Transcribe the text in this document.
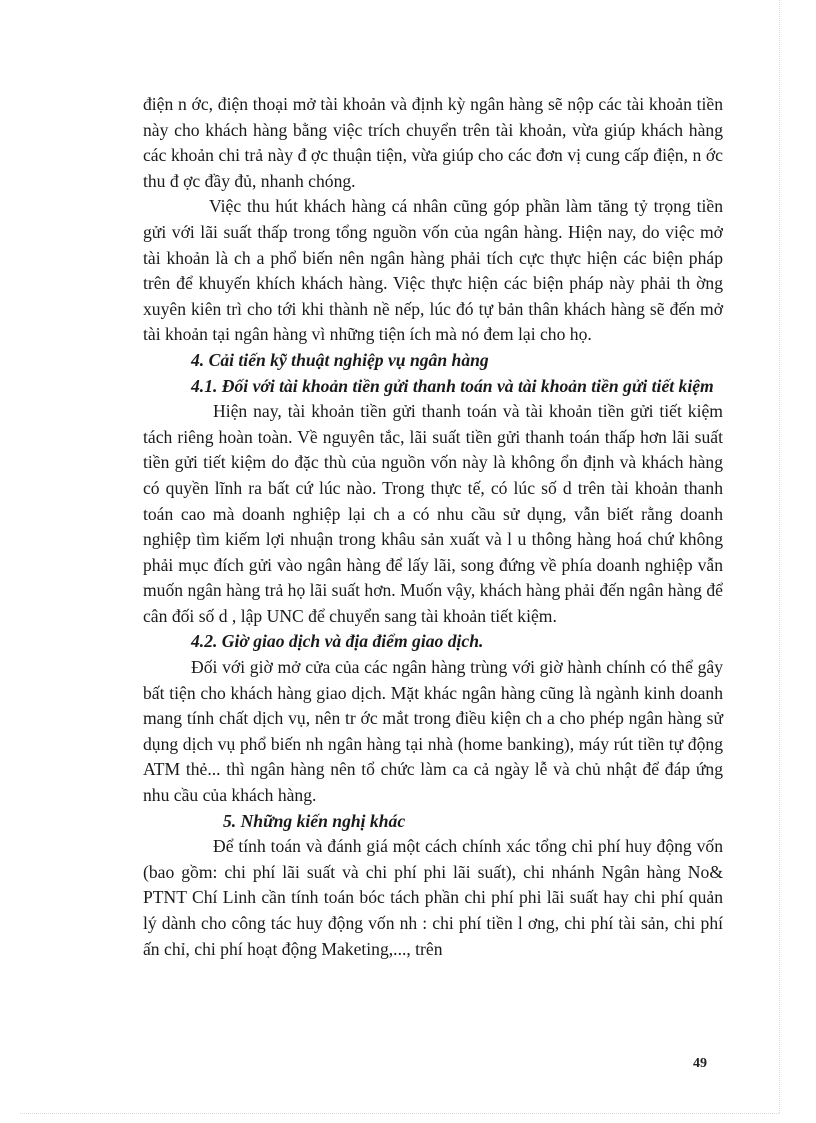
điện n ớc, điện thoại mở tài khoản và định kỳ ngân hàng sẽ nộp các tài khoản tiền này cho khách hàng bằng việc trích chuyển trên tài khoản, vừa giúp khách hàng các khoản chi trả này đ ợc thuận tiện, vừa giúp cho các đơn vị cung cấp điện, n ớc thu đ ợc đầy đủ, nhanh chóng.

Việc thu hút khách hàng cá nhân cũng góp phần làm tăng tỷ trọng tiền gửi với lãi suất thấp trong tổng nguồn vốn của ngân hàng. Hiện nay, do việc mở tài khoản là ch a phổ biến nên ngân hàng phải tích cực thực hiện các biện pháp trên để khuyến khích khách hàng. Việc thực hiện các biện pháp này phải th ờng xuyên kiên trì cho tới khi thành nề nếp, lúc đó tự bản thân khách hàng sẽ đến mở tài khoản tại ngân hàng vì những tiện ích mà nó đem lại cho họ.

4. Cải tiến kỹ thuật nghiệp vụ ngân hàng

4.1. Đối với tài khoản tiền gửi thanh toán và tài khoản tiền gửi tiết kiệm

Hiện nay, tài khoản tiền gửi thanh toán và tài khoản tiền gửi tiết kiệm tách riêng hoàn toàn. Về nguyên tắc, lãi suất tiền gửi thanh toán thấp hơn lãi suất tiền gửi tiết kiệm do đặc thù của nguồn vốn này là không ổn định và khách hàng có quyền lĩnh ra bất cứ lúc nào. Trong thực tế, có lúc số d trên tài khoản thanh toán cao mà doanh nghiệp lại ch a có nhu cầu sử dụng, vẫn biết rằng doanh nghiệp tìm kiếm lợi nhuận trong khâu sản xuất và l u thông hàng hoá chứ không phải mục đích gửi vào ngân hàng để lấy lãi, song đứng về phía doanh nghiệp vẫn muốn ngân hàng trả họ lãi suất hơn. Muốn vậy, khách hàng phải đến ngân hàng để cân đối số d , lập UNC để chuyển sang tài khoản tiết kiệm.

4.2. Giờ giao dịch và địa điểm giao dịch.

Đối với giờ mở cửa của các ngân hàng trùng với giờ hành chính có thể gây bất tiện cho khách hàng giao dịch. Mặt khác ngân hàng cũng là ngành kinh doanh mang tính chất dịch vụ, nên tr ớc mắt trong điều kiện ch a cho phép ngân hàng sử dụng dịch vụ phổ biến nh ngân hàng tại nhà (home banking), máy rút tiền tự động ATM thẻ... thì ngân hàng nên tổ chức làm ca cả ngày lễ và chủ nhật để đáp ứng nhu cầu của khách hàng.

5. Những kiến nghị khác

Để tính toán và đánh giá một cách chính xác tổng chi phí huy động vốn (bao gồm: chi phí lãi suất và chi phí phi lãi suất), chi nhánh Ngân hàng No& PTNT Chí Linh cần tính toán bóc tách phần chi phí phi lãi suất hay chi phí quản lý dành cho công tác huy động vốn nh : chi phí tiền l ơng, chi phí tài sản, chi phí ấn chỉ, chi phí hoạt động Maketing,..., trên

49
